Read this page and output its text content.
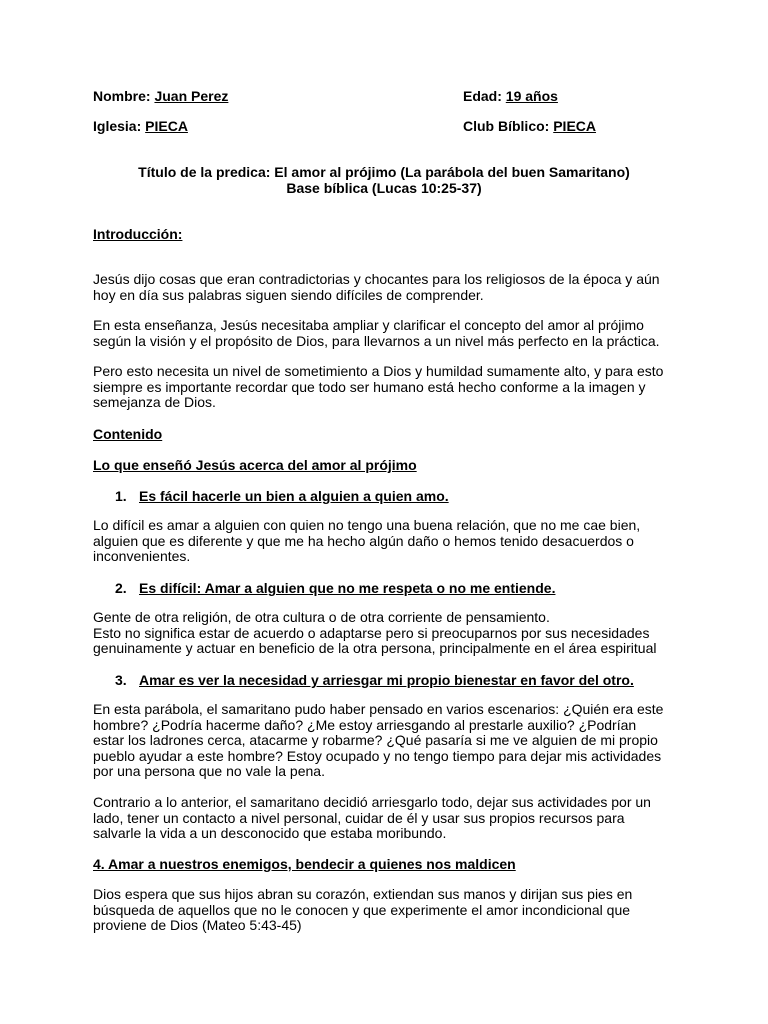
Nombre: Juan Perez	Edad: 19 años
Iglesia: PIECA	Club Bíblico: PIECA
Título de la predica: El amor al prójimo (La parábola del buen Samaritano)
Base bíblica (Lucas 10:25-37)
Introducción:

Jesús dijo cosas que eran contradictorias y chocantes para los religiosos de la época y aún

hoy en día sus palabras siguen siendo difíciles de comprender.

En esta enseñanza, Jesús necesitaba ampliar y clarificar el concepto del amor al prójimo

según la visión y el propósito de Dios, para llevarnos a un nivel más perfecto en la práctica.

Pero esto necesita un nivel de sometimiento a Dios y humildad sumamente alto, y para esto

siempre es importante recordar que todo ser humano está hecho conforme a la imagen y

semejanza de Dios.

Contenido
Lo que enseñó Jesús acerca del amor al prójimo
1. Es fácil hacerle un bien a alguien a quien amo.

Lo difícil es amar a alguien con quien no tengo una buena relación, que no me cae bien,

alguien que es diferente y que me ha hecho algún daño o hemos tenido desacuerdos o

inconvenientes.

2. Es difícil: Amar a alguien que no me respeta o no me entiende.

Gente de otra religión, de otra cultura o de otra corriente de pensamiento.

Esto no significa estar de acuerdo o adaptarse pero si preocuparnos por sus necesidades

genuinamente y actuar en beneficio de la otra persona, principalmente en el área espiritual

3. Amar es ver la necesidad y arriesgar mi propio bienestar en favor del otro.

En esta parábola, el samaritano pudo haber pensado en varios escenarios: ¿Quién era este

hombre? ¿Podría hacerme daño? ¿Me estoy arriesgando al prestarle auxilio? ¿Podrían

estar los ladrones cerca, atacarme y robarme? ¿Qué pasaría si me ve alguien de mi propio

pueblo ayudar a este hombre? Estoy ocupado y no tengo tiempo para dejar mis actividades

por una persona que no vale la pena.

Contrario a lo anterior, el samaritano decidió arriesgarlo todo, dejar sus actividades por un

lado, tener un contacto a nivel personal, cuidar de él y usar sus propios recursos para

salvarle la vida a un desconocido que estaba moribundo.

4. Amar a nuestros enemigos, bendecir a quienes nos maldicen

Dios espera que sus hijos abran su corazón, extiendan sus manos y dirijan sus pies en

búsqueda de aquellos que no le conocen y que experimente el amor incondicional que

proviene de Dios (Mateo 5:43-45)
